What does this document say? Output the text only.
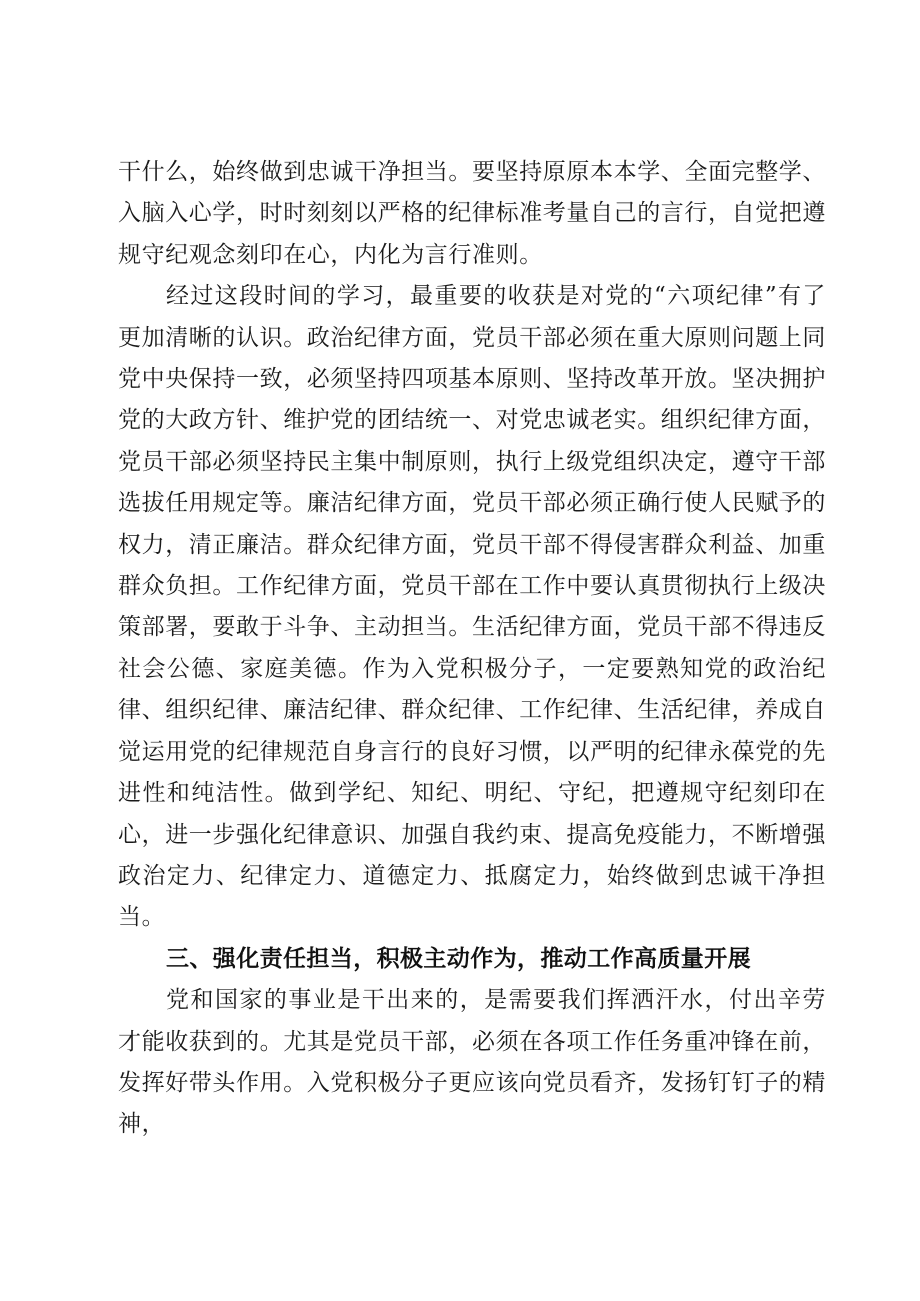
干什么，始终做到忠诚干净担当。要坚持原原本本学、全面完整学、入脑入心学，时时刻刻以严格的纪律标准考量自己的言行，自觉把遵规守纪观念刻印在心，内化为言行准则。

经过这段时间的学习，最重要的收获是对党的“六项纪律”有了更加清晰的认识。政治纪律方面，党员干部必须在重大原则问题上同党中央保持一致，必须坚持四项基本原则、坚持改革开放。坚决拥护党的大政方针、维护党的团结统一、对党忠诚老实。组织纪律方面，党员干部必须坚持民主集中制原则，执行上级党组织决定，遵守干部选拔任用规定等。廉洁纪律方面，党员干部必须正确行使人民赋予的权力，清正廉洁。群众纪律方面，党员干部不得侵害群众利益、加重群众负担。工作纪律方面，党员干部在工作中要认真贯彻执行上级决策部署，要敢于斗争、主动担当。生活纪律方面，党员干部不得违反社会公德、家庭美德。作为入党积极分子，一定要熟知党的政治纪律、组织纪律、廉洁纪律、群众纪律、工作纪律、生活纪律，养成自觉运用党的纪律规范自身言行的良好习惯，以严明的纪律永葆党的先进性和纯洁性。做到学纪、知纪、明纪、守纪，把遵规守纪刻印在心，进一步强化纪律意识、加强自我约束、提高免疫能力，不断增强政治定力、纪律定力、道德定力、抵腐定力，始终做到忠诚干净担当。

三、强化责任担当，积极主动作为，推动工作高质量开展

党和国家的事业是干出来的，是需要我们挥洒汗水，付出辛劳才能收获到的。尤其是党员干部，必须在各项工作任务重冲锋在前，发挥好带头作用。入党积极分子更应该向党员看齐，发扬钉钉子的精神，
